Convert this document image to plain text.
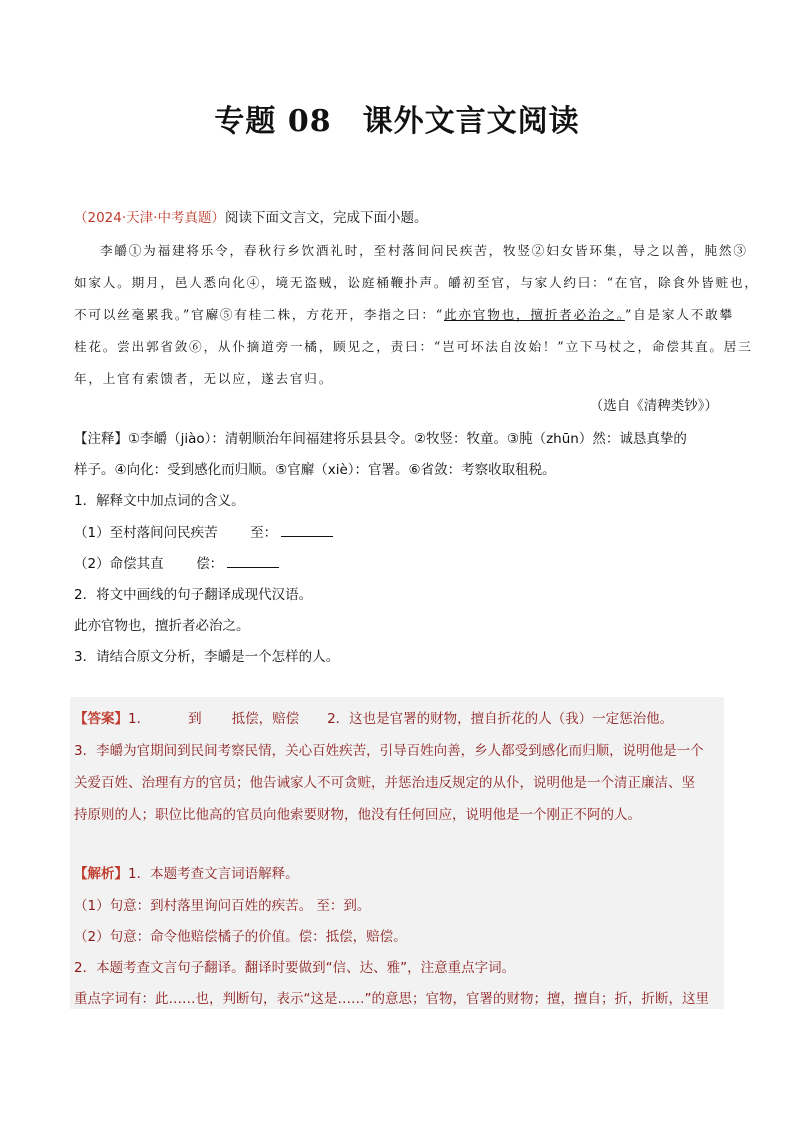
专题 08　课外文言文阅读
（2024·天津·中考真题）阅读下面文言文，完成下面小题。
李皭①为福建将乐令，春秋行乡饮酒礼时，至村落间问民疾苦，牧竖②妇女皆环集，导之以善，肫然③
如家人。期月，邑人悉向化④，境无盗贼，讼庭桶鞭扑声。皭初至官，与家人约曰：“在官，除食外皆赃也，
不可以丝毫累我。”官廨⑤有桂二株，方花开，李指之曰：“此亦官物也，擅折者必治之。”自是家人不敢攀
桂花。尝出郭省敛⑥，从仆摘道旁一橘，顾见之，责曰：“岂可坏法自汝始！”立下马杖之，命偿其直。居三
年，上官有索馈者，无以应，遂去官归。
（选自《清稗类钞》）
【注释】①李皭（jiào）：清朝顺治年间福建将乐县县令。②牧竖：牧童。③肫（zhūn）然：诚恳真挚的
样子。④向化：受到感化而归顺。⑤官廨（xiè）：官署。⑥省敛：考察收取租税。
1．解释文中加点词的含义。
（1）至村落间问民疾苦 至：
（2）命偿其直 偿：
2．将文中画线的句子翻译成现代汉语。
此亦官物也，擅折者必治之。
3．请结合原文分析，李皭是一个怎样的人。
【答案】1．	到 抵偿，赔偿 2．这也是官署的财物，擅自折花的人（我）一定惩治他。
3．李皭为官期间到民间考察民情，关心百姓疾苦，引导百姓向善，乡人都受到感化而归顺，说明他是一个
关爱百姓、治理有方的官员；他告诫家人不可贪赃，并惩治违反规定的从仆，说明他是一个清正廉洁、坚
持原则的人；职位比他高的官员向他索要财物，他没有任何回应，说明他是一个刚正不阿的人。
【解析】1．本题考查文言词语解释。
（1）句意：到村落里询问百姓的疾苦。 至：到。
（2）句意：命令他赔偿橘子的价值。偿：抵偿，赔偿。
2．本题考查文言句子翻译。翻译时要做到“信、达、雅”，注意重点字词。
重点字词有：此……也，判断句，表示“这是……”的意思；官物，官署的财物；擅，擅自；折，折断，这里
